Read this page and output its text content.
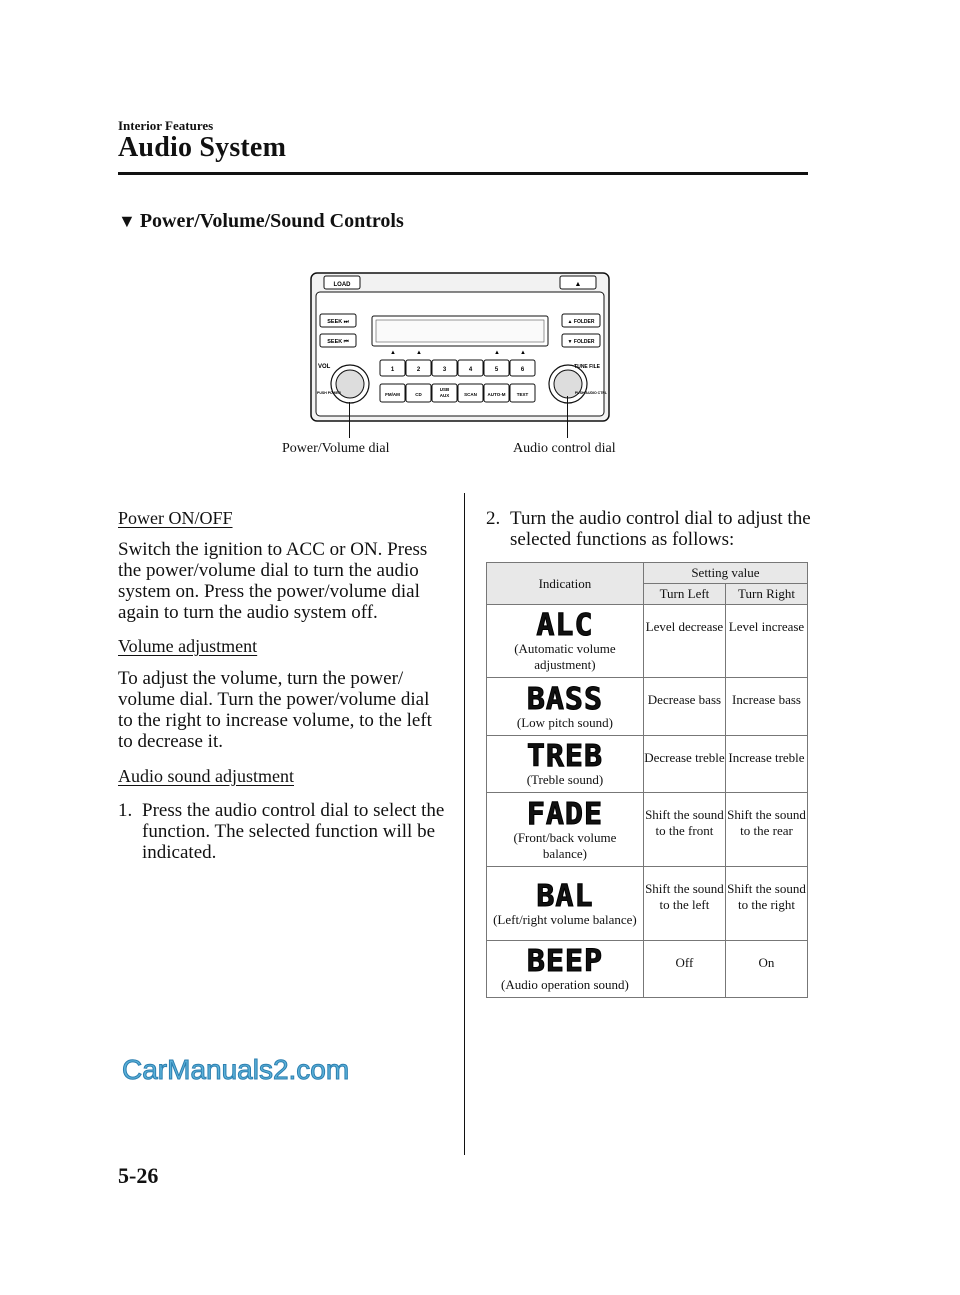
Interior Features
Audio System
▼ Power/Volume/Sound Controls
LOAD	▲
SEEK ⏭
SEEK ⏮
▲ FOLDER
▼ FOLDER
▲	▲	▲	▲
VOL
PUSH POWER
TUNE FILE
PUSH AUDIO CTRL
1	2	3	4	5	6
FM/AM	CD
USB
AUX	SCAN AUTO-M	TEXT
Power/Volume dial	Audio control dial
Power ON/OFF

Switch the ignition to ACC or ON. Press
the power/volume dial to turn the audio
system on. Press the power/volume dial
again to turn the audio system off.

Volume adjustment

To adjust the volume, turn the power/
volume dial. Turn the power/volume dial
to the right to increase volume, to the left
to decrease it.

Audio sound adjustment
1. Press the audio control dial to select the
function. The selected function will be
indicated.
2. Turn the audio control dial to adjust the
selected functions as follows:
Indication	Setting value	
	Turn Left	Turn Right

ALC
(Automatic volume adjustment)	Level decrease	Level increase

BASS
(Low pitch sound)	Decrease bass	Increase bass

TREB
(Treble sound)	Decrease treble	Increase treble

FADE
(Front/back volume balance)	Shift the sound to the front	Shift the sound to the rear

BAL
(Left/right volume balance)	Shift the sound to the left	Shift the sound to the right

BEEP
(Audio operation sound)	Off	On
CarManuals2.com
5-26
